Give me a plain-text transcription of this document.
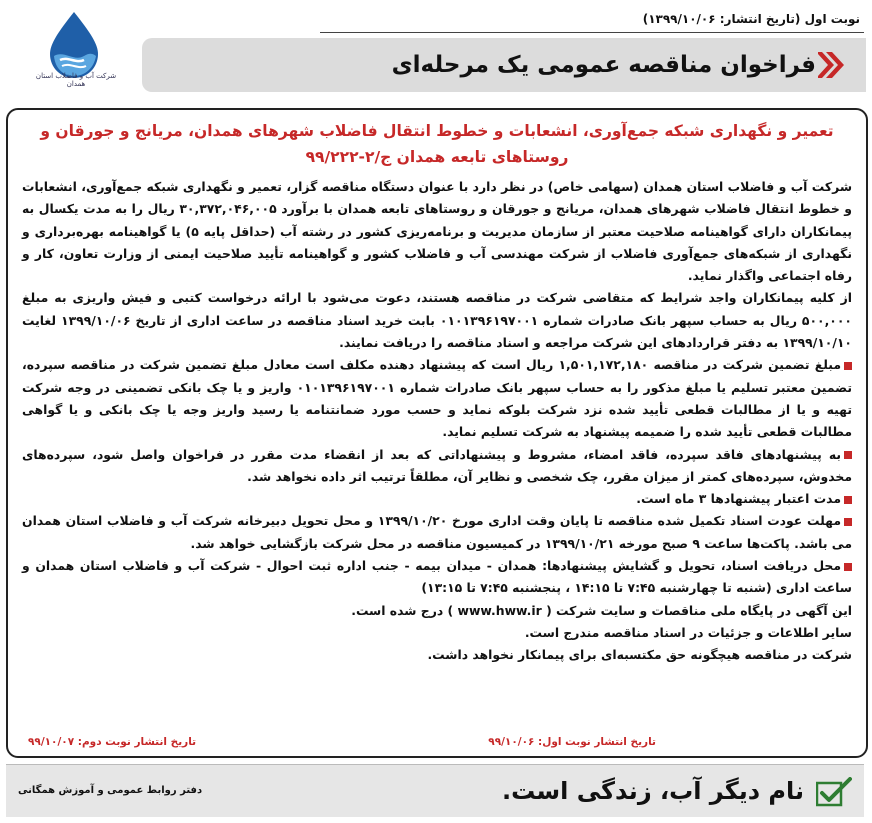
نوبت اول (تاریخ انتشار: ۱۳۹۹/۱۰/۰۶)
شرکت آب و فاضلاب استان همدان
فراخوان مناقصه عمومی یک مرحله‌ای
تعمیر و نگهداری شبکه جمع‌آوری، انشعابات و خطوط انتقال فاضلاب شهرهای همدان، مریانج و جورقان و روستاهای تابعه همدان ج/۲-۹۹/۲۲۲

شرکت آب و فاضلاب استان همدان (سهامی خاص) در نظر دارد با عنوان دستگاه مناقصه گزار، تعمیر و نگهداری شبکه جمع‌آوری، انشعابات و خطوط انتقال فاضلاب شهرهای همدان، مریانج و جورقان و روستاهای تابعه همدان با برآورد ۳۰,۳۷۲,۰۴۶,۰۰۵ ریال را به مدت یکسال به پیمانکاران دارای گواهینامه صلاحیت معتبر از سازمان مدیریت و برنامه‌ریزی کشور در رشته آب (حداقل پایه ۵) یا گواهینامه بهره‌برداری و نگهداری از شبکه‌های جمع‌آوری فاضلاب از شرکت مهندسی آب و فاضلاب کشور و گواهینامه تأیید صلاحیت ایمنی از وزارت تعاون، کار و رفاه اجتماعی واگذار نماید.

از کلیه پیمانکاران واجد شرایط که متقاضی شرکت در مناقصه هستند، دعوت می‌شود با ارائه درخواست کتبی و فیش واریزی به مبلغ ۵۰۰,۰۰۰ ریال به حساب سپهر بانک صادرات شماره ۰۱۰۱۳۹۶۱۹۷۰۰۱ بابت خرید اسناد مناقصه در ساعت اداری از تاریخ ۱۳۹۹/۱۰/۰۶ لغایت ۱۳۹۹/۱۰/۱۰ به دفتر قراردادهای این شرکت مراجعه و اسناد مناقصه را دریافت نمایند.

مبلغ تضمین شرکت در مناقصه ۱,۵۰۱,۱۷۲,۱۸۰ ریال است که پیشنهاد دهنده مکلف است معادل مبلغ تضمین شرکت در مناقصه سپرده، تضمین معتبر تسلیم یا مبلغ مذکور را به حساب سپهر بانک صادرات شماره ۰۱۰۱۳۹۶۱۹۷۰۰۱ واریز و یا چک بانکی تضمینی در وجه شرکت تهیه و یا از مطالبات قطعی تأیید شده نزد شرکت بلوکه نماید و حسب مورد ضمانتنامه یا رسید واریز وجه یا چک بانکی و یا گواهی مطالبات قطعی تأیید شده را ضمیمه پیشنهاد به شرکت تسلیم نماید.

به پیشنهادهای فاقد سپرده، فاقد امضاء، مشروط و پیشنهاداتی که بعد از انقضاء مدت مقرر در فراخوان واصل شود، سپرده‌های مخدوش، سپرده‌های کمتر از میزان مقرر، چک شخصی و نظایر آن، مطلقاً ترتیب اثر داده نخواهد شد.

مدت اعتبار پیشنهادها ۳ ماه است.

مهلت عودت اسناد تکمیل شده مناقصه تا پایان وقت اداری مورخ ۱۳۹۹/۱۰/۲۰ و محل تحویل دبیرخانه شرکت آب و فاضلاب استان همدان می باشد. پاکت‌ها ساعت ۹ صبح مورخه ۱۳۹۹/۱۰/۲۱ در کمیسیون مناقصه در محل شرکت بازگشایی خواهد شد.

محل دریافت اسناد، تحویل و گشایش پیشنهادها: همدان - میدان بیمه - جنب اداره ثبت احوال - شرکت آب و فاضلاب استان همدان و ساعت اداری (شنبه تا چهارشنبه ۷:۴۵ تا ۱۴:۱۵ ، پنجشنبه ۷:۴۵ تا ۱۳:۱۵)

این آگهی در پایگاه ملی مناقصات و سایت شرکت ( www.hww.ir ) درج شده است.

سایر اطلاعات و جزئیات در اسناد مناقصه مندرج است.

شرکت در مناقصه هیچگونه حق مکتسبه‌ای برای پیمانکار نخواهد داشت.

تاریخ انتشار نوبت اول: ۹۹/۱۰/۰۶
تاریخ انتشار نوبت دوم: ۹۹/۱۰/۰۷
نام دیگر آب، زندگی است.
دفتر روابط عمومی و آموزش همگانی
